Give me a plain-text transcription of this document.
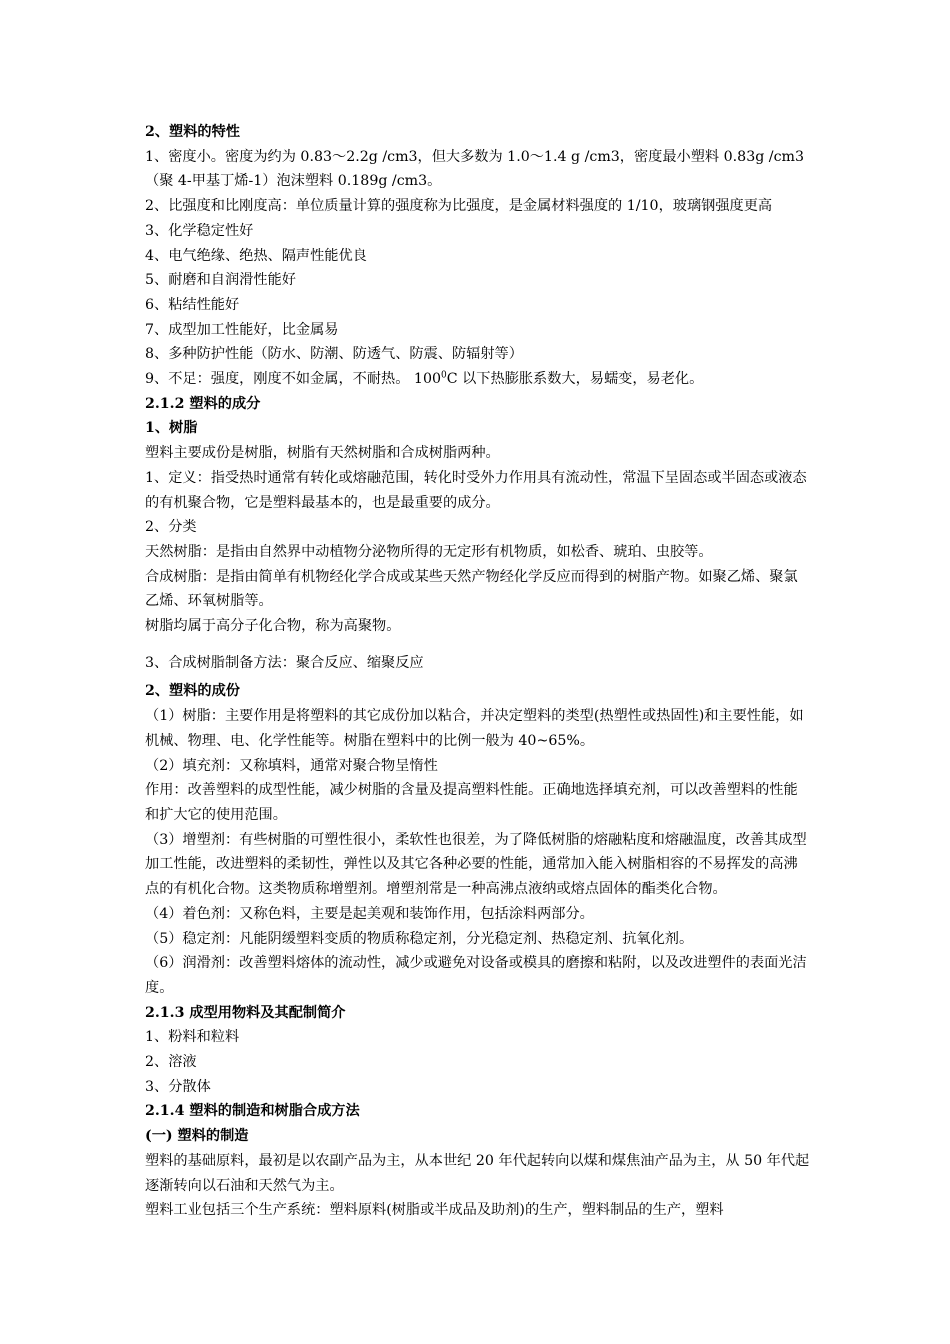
2、塑料的特性

1、密度小。密度为约为 0.83～2.2g /cm3，但大多数为 1.0～1.4 g /cm3，密度最小塑料 0.83g /cm3（聚 4-甲基丁烯-1）泡沫塑料 0.189g /cm3。

2、比强度和比刚度高：单位质量计算的强度称为比强度，是金属材料强度的 1/10，玻璃钢强度更高

3、化学稳定性好

4、电气绝缘、绝热、隔声性能优良

5、耐磨和自润滑性能好

6、粘结性能好

7、成型加工性能好，比金属易

8、多种防护性能（防水、防潮、防透气、防震、防辐射等）

9、不足：强度，刚度不如金属，不耐热。 $100^0C$ 以下热膨胀系数大，易蠕变，易老化。

2.1.2 塑料的成分

1、树脂

塑料主要成份是树脂，树脂有天然树脂和合成树脂两种。

1、定义：指受热时通常有转化或熔融范围，转化时受外力作用具有流动性，常温下呈固态或半固态或液态的有机聚合物，它是塑料最基本的，也是最重要的成分。

2、分类

天然树脂：是指由自然界中动植物分泌物所得的无定形有机物质，如松香、琥珀、虫胶等。

合成树脂：是指由简单有机物经化学合成或某些天然产物经化学反应而得到的树脂产物。如聚乙烯、聚氯乙烯、环氧树脂等。

树脂均属于高分子化合物，称为高聚物。

3、合成树脂制备方法：聚合反应、缩聚反应

2、塑料的成份

（1）树脂：主要作用是将塑料的其它成份加以粘合，并决定塑料的类型(热塑性或热固性)和主要性能，如机械、物理、电、化学性能等。树脂在塑料中的比例一般为 40~65%。

（2）填充剂：又称填料，通常对聚合物呈惰性

作用：改善塑料的成型性能，减少树脂的含量及提高塑料性能。正确地选择填充剂，可以改善塑料的性能和扩大它的使用范围。

（3）增塑剂：有些树脂的可塑性很小，柔软性也很差，为了降低树脂的熔融粘度和熔融温度，改善其成型加工性能，改进塑料的柔韧性，弹性以及其它各种必要的性能，通常加入能入树脂相容的不易挥发的高沸点的有机化合物。这类物质称增塑剂。增塑剂常是一种高沸点液纳或熔点固体的酯类化合物。

（4）着色剂：又称色料，主要是起美观和装饰作用，包括涂料两部分。

（5）稳定剂：凡能阴缓塑料变质的物质称稳定剂，分光稳定剂、热稳定剂、抗氧化剂。

（6）润滑剂：改善塑料熔体的流动性，减少或避免对设备或模具的磨擦和粘附，以及改进塑件的表面光洁度。

2.1.3 成型用物料及其配制简介

1、粉料和粒料

2、溶液

3、分散体

2.1.4 塑料的制造和树脂合成方法

(一) 塑料的制造

塑料的基础原料，最初是以农副产品为主，从本世纪 20 年代起转向以煤和煤焦油产品为主，从 50 年代起逐渐转向以石油和天然气为主。

塑料工业包括三个生产系统：塑料原料(树脂或半成品及助剂)的生产，塑料制品的生产，塑料
